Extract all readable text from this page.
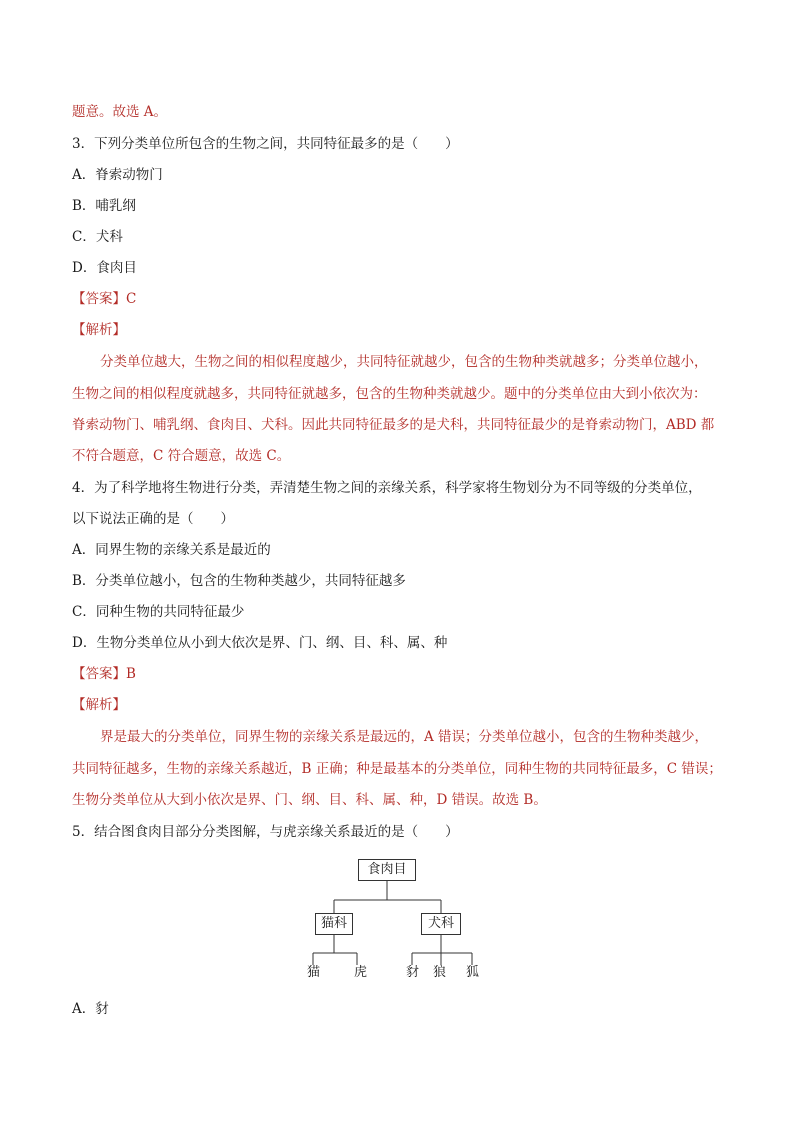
题意。故选 A。
3．下列分类单位所包含的生物之间，共同特征最多的是（　　）
A．脊索动物门
B．哺乳纲
C．犬科
D．食肉目
【答案】C
【解析】
分类单位越大，生物之间的相似程度越少，共同特征就越少，包含的生物种类就越多；分类单位越小，
生物之间的相似程度就越多，共同特征就越多，包含的生物种类就越少。题中的分类单位由大到小依次为：
脊索动物门、哺乳纲、食肉目、犬科。因此共同特征最多的是犬科，共同特征最少的是脊索动物门，ABD 都
不符合题意，C 符合题意，故选 C。
4．为了科学地将生物进行分类，弄清楚生物之间的亲缘关系，科学家将生物划分为不同等级的分类单位，
以下说法正确的是（　　）
A．同界生物的亲缘关系是最近的
B．分类单位越小，包含的生物种类越少，共同特征越多
C．同种生物的共同特征最少
D．生物分类单位从小到大依次是界、门、纲、目、科、属、种
【答案】B
【解析】
界是最大的分类单位，同界生物的亲缘关系是最远的，A 错误；分类单位越小，包含的生物种类越少，
共同特征越多，生物的亲缘关系越近，B 正确；种是最基本的分类单位，同种生物的共同特征最多，C 错误；
生物分类单位从大到小依次是界、门、纲、目、科、属、种，D 错误。故选 B。
5．结合图食肉目部分分类图解，与虎亲缘关系最近的是（　　）
食肉目
猫科	犬科
猫	虎	豺 狼 狐
A．豺
